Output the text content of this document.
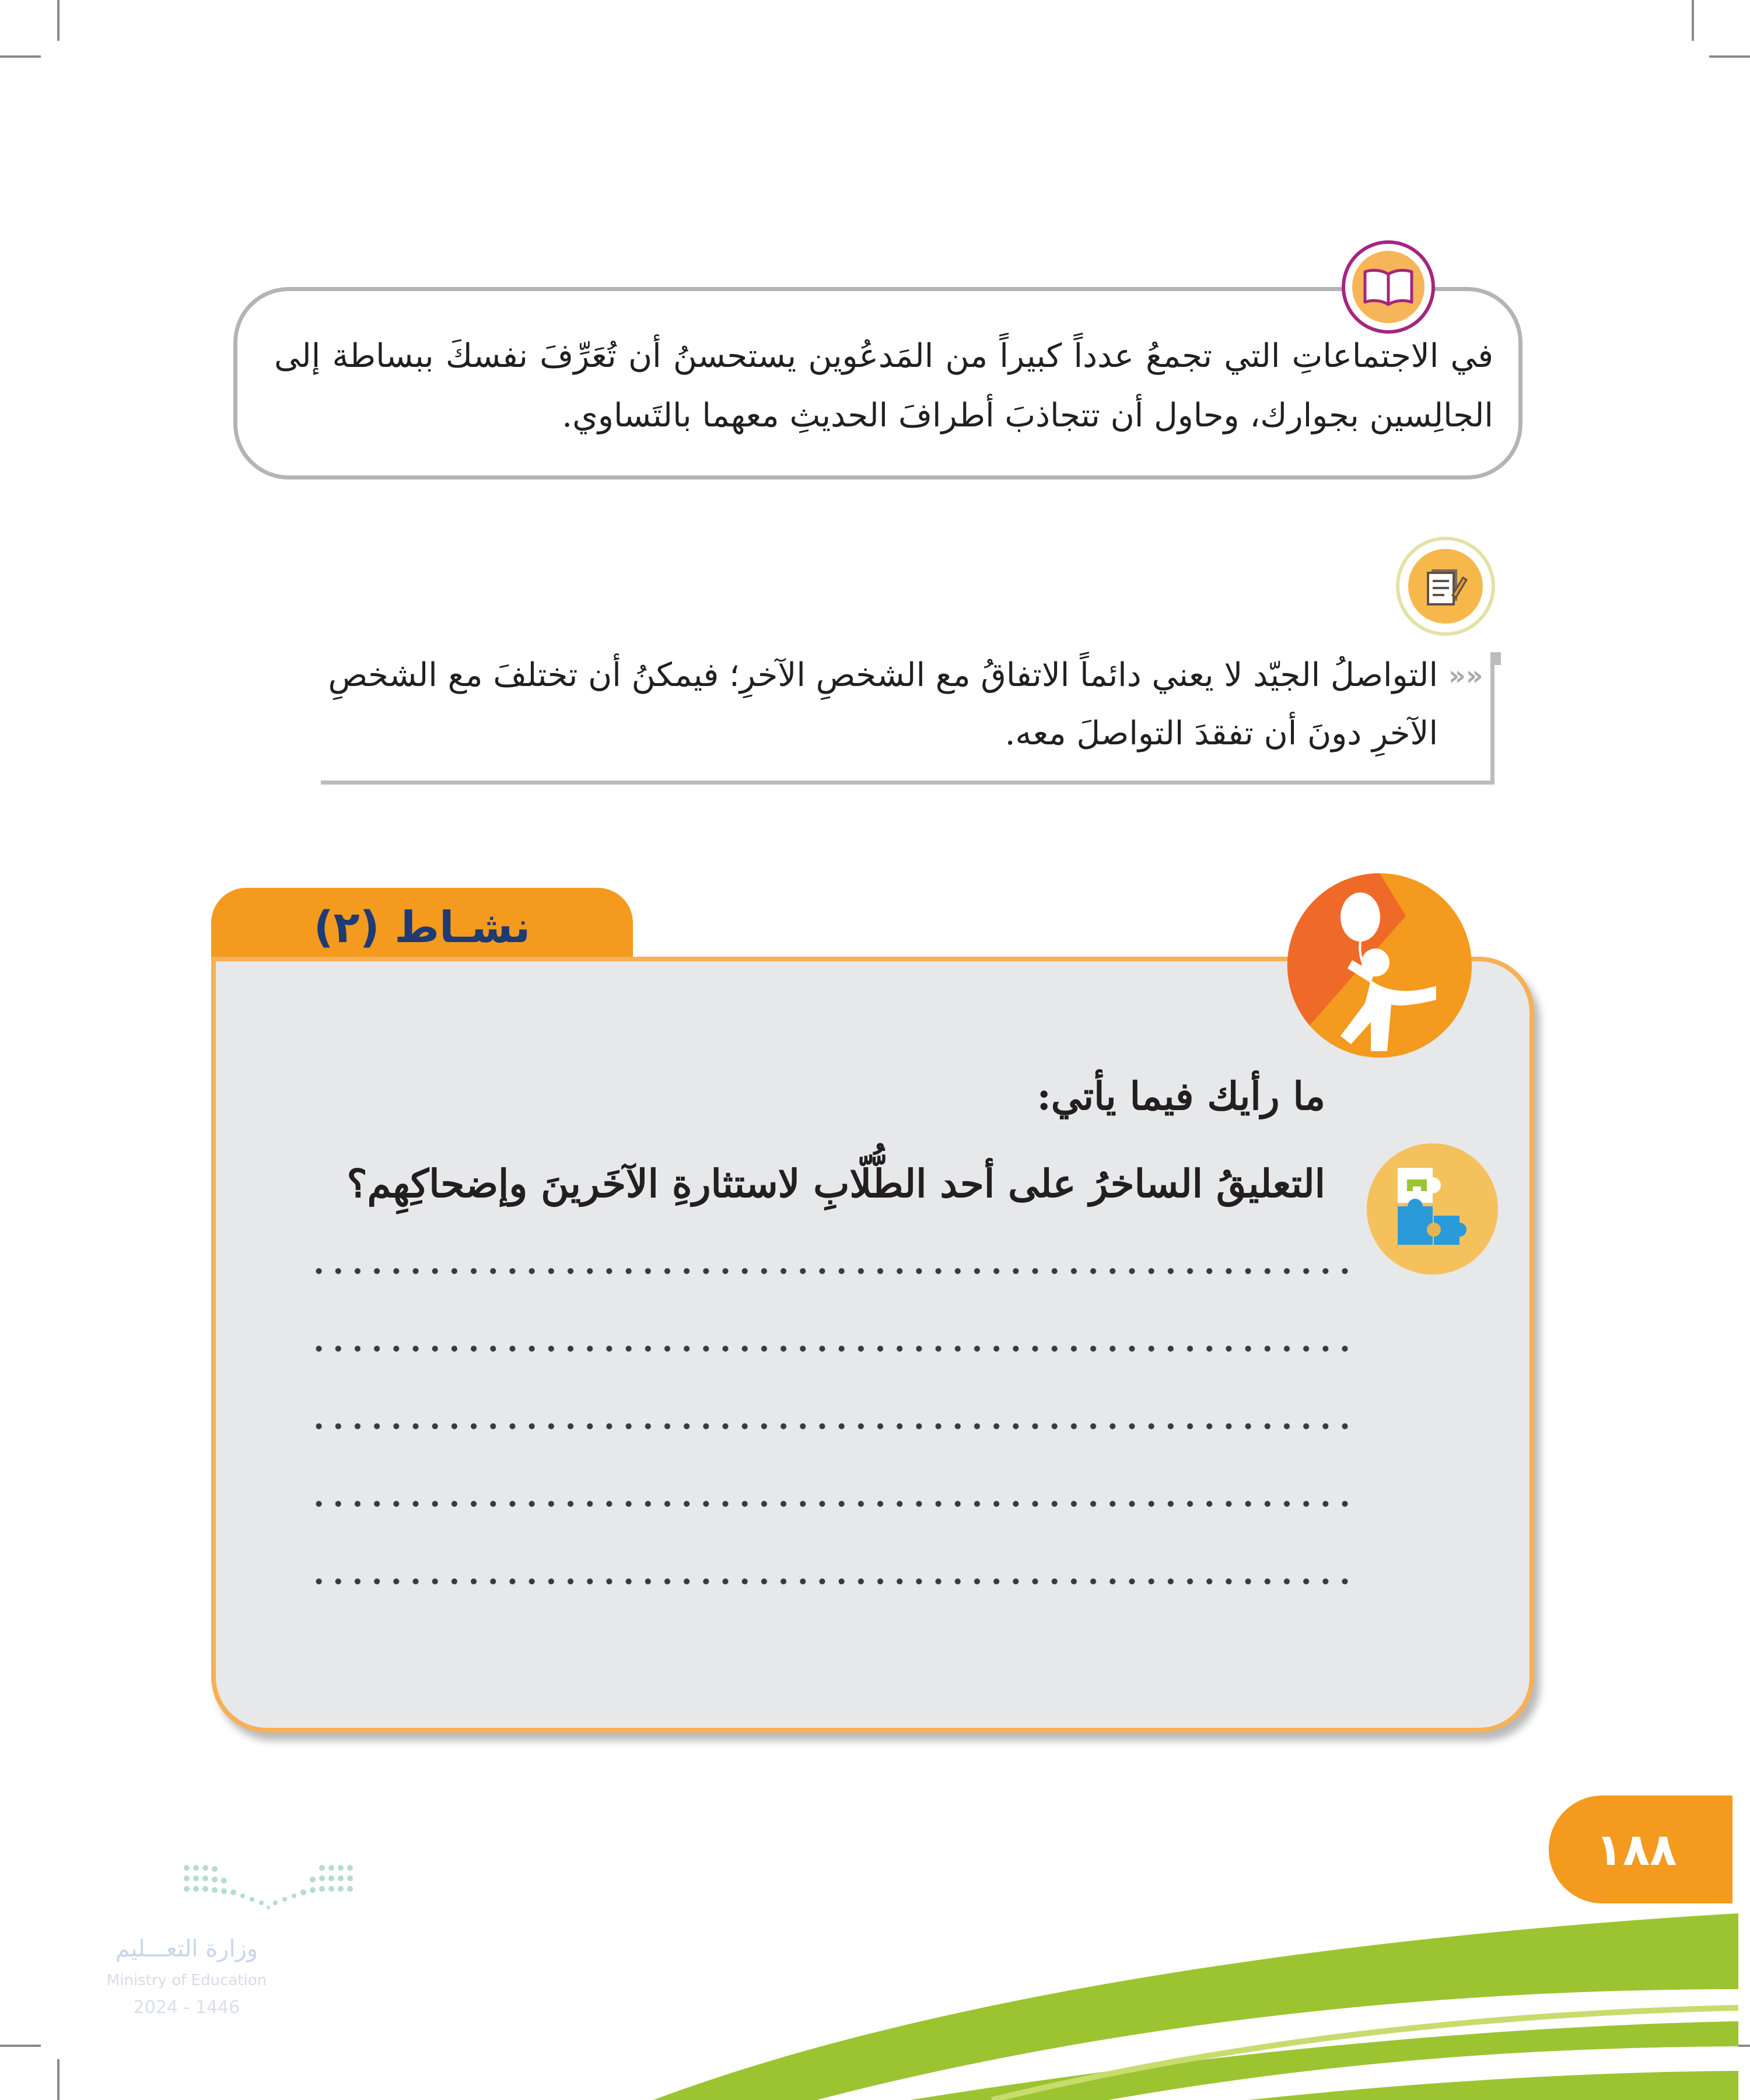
في الاجتماعاتِ التي تجمعُ عدداً كبيراً من المَدعُوين يستحسنُ أن تُعَرِّفَ نفسكَ ببساطة إلى الجالِسين بجوارك، وحاول أن تتجاذبَ أطرافَ الحديثِ معهما بالتَساوي.
»»
التواصلُ الجيّد لا يعني دائماً الاتفاقُ مع الشخصِ الآخرِ؛ فيمكنُ أن تختلفَ مع الشخصِ الآخرِ دونَ أن تفقدَ التواصلَ معه.
نشـاط (٢)
ما رأيك فيما يأتي:
التعليقُ الساخرُ على أحد الطُّلّابِ لاستثارةِ الآخَرينَ وإضحاكِهِم؟
١٨٨
وزارة التعـــليم
Ministry of Education
2024 - 1446
